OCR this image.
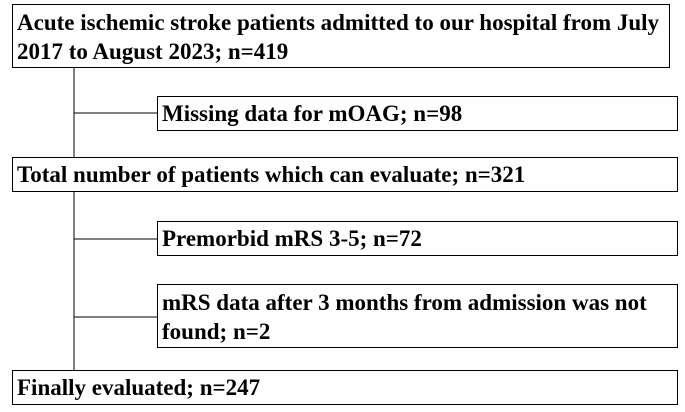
Acute ischemic stroke patients admitted to our hospital from July 2017 to August 2023; n=419
Missing data for mOAG; n=98
Total number of patients which can evaluate; n=321
Premorbid mRS 3-5; n=72
mRS data after 3 months from admission was not found; n=2
Finally evaluated; n=247
